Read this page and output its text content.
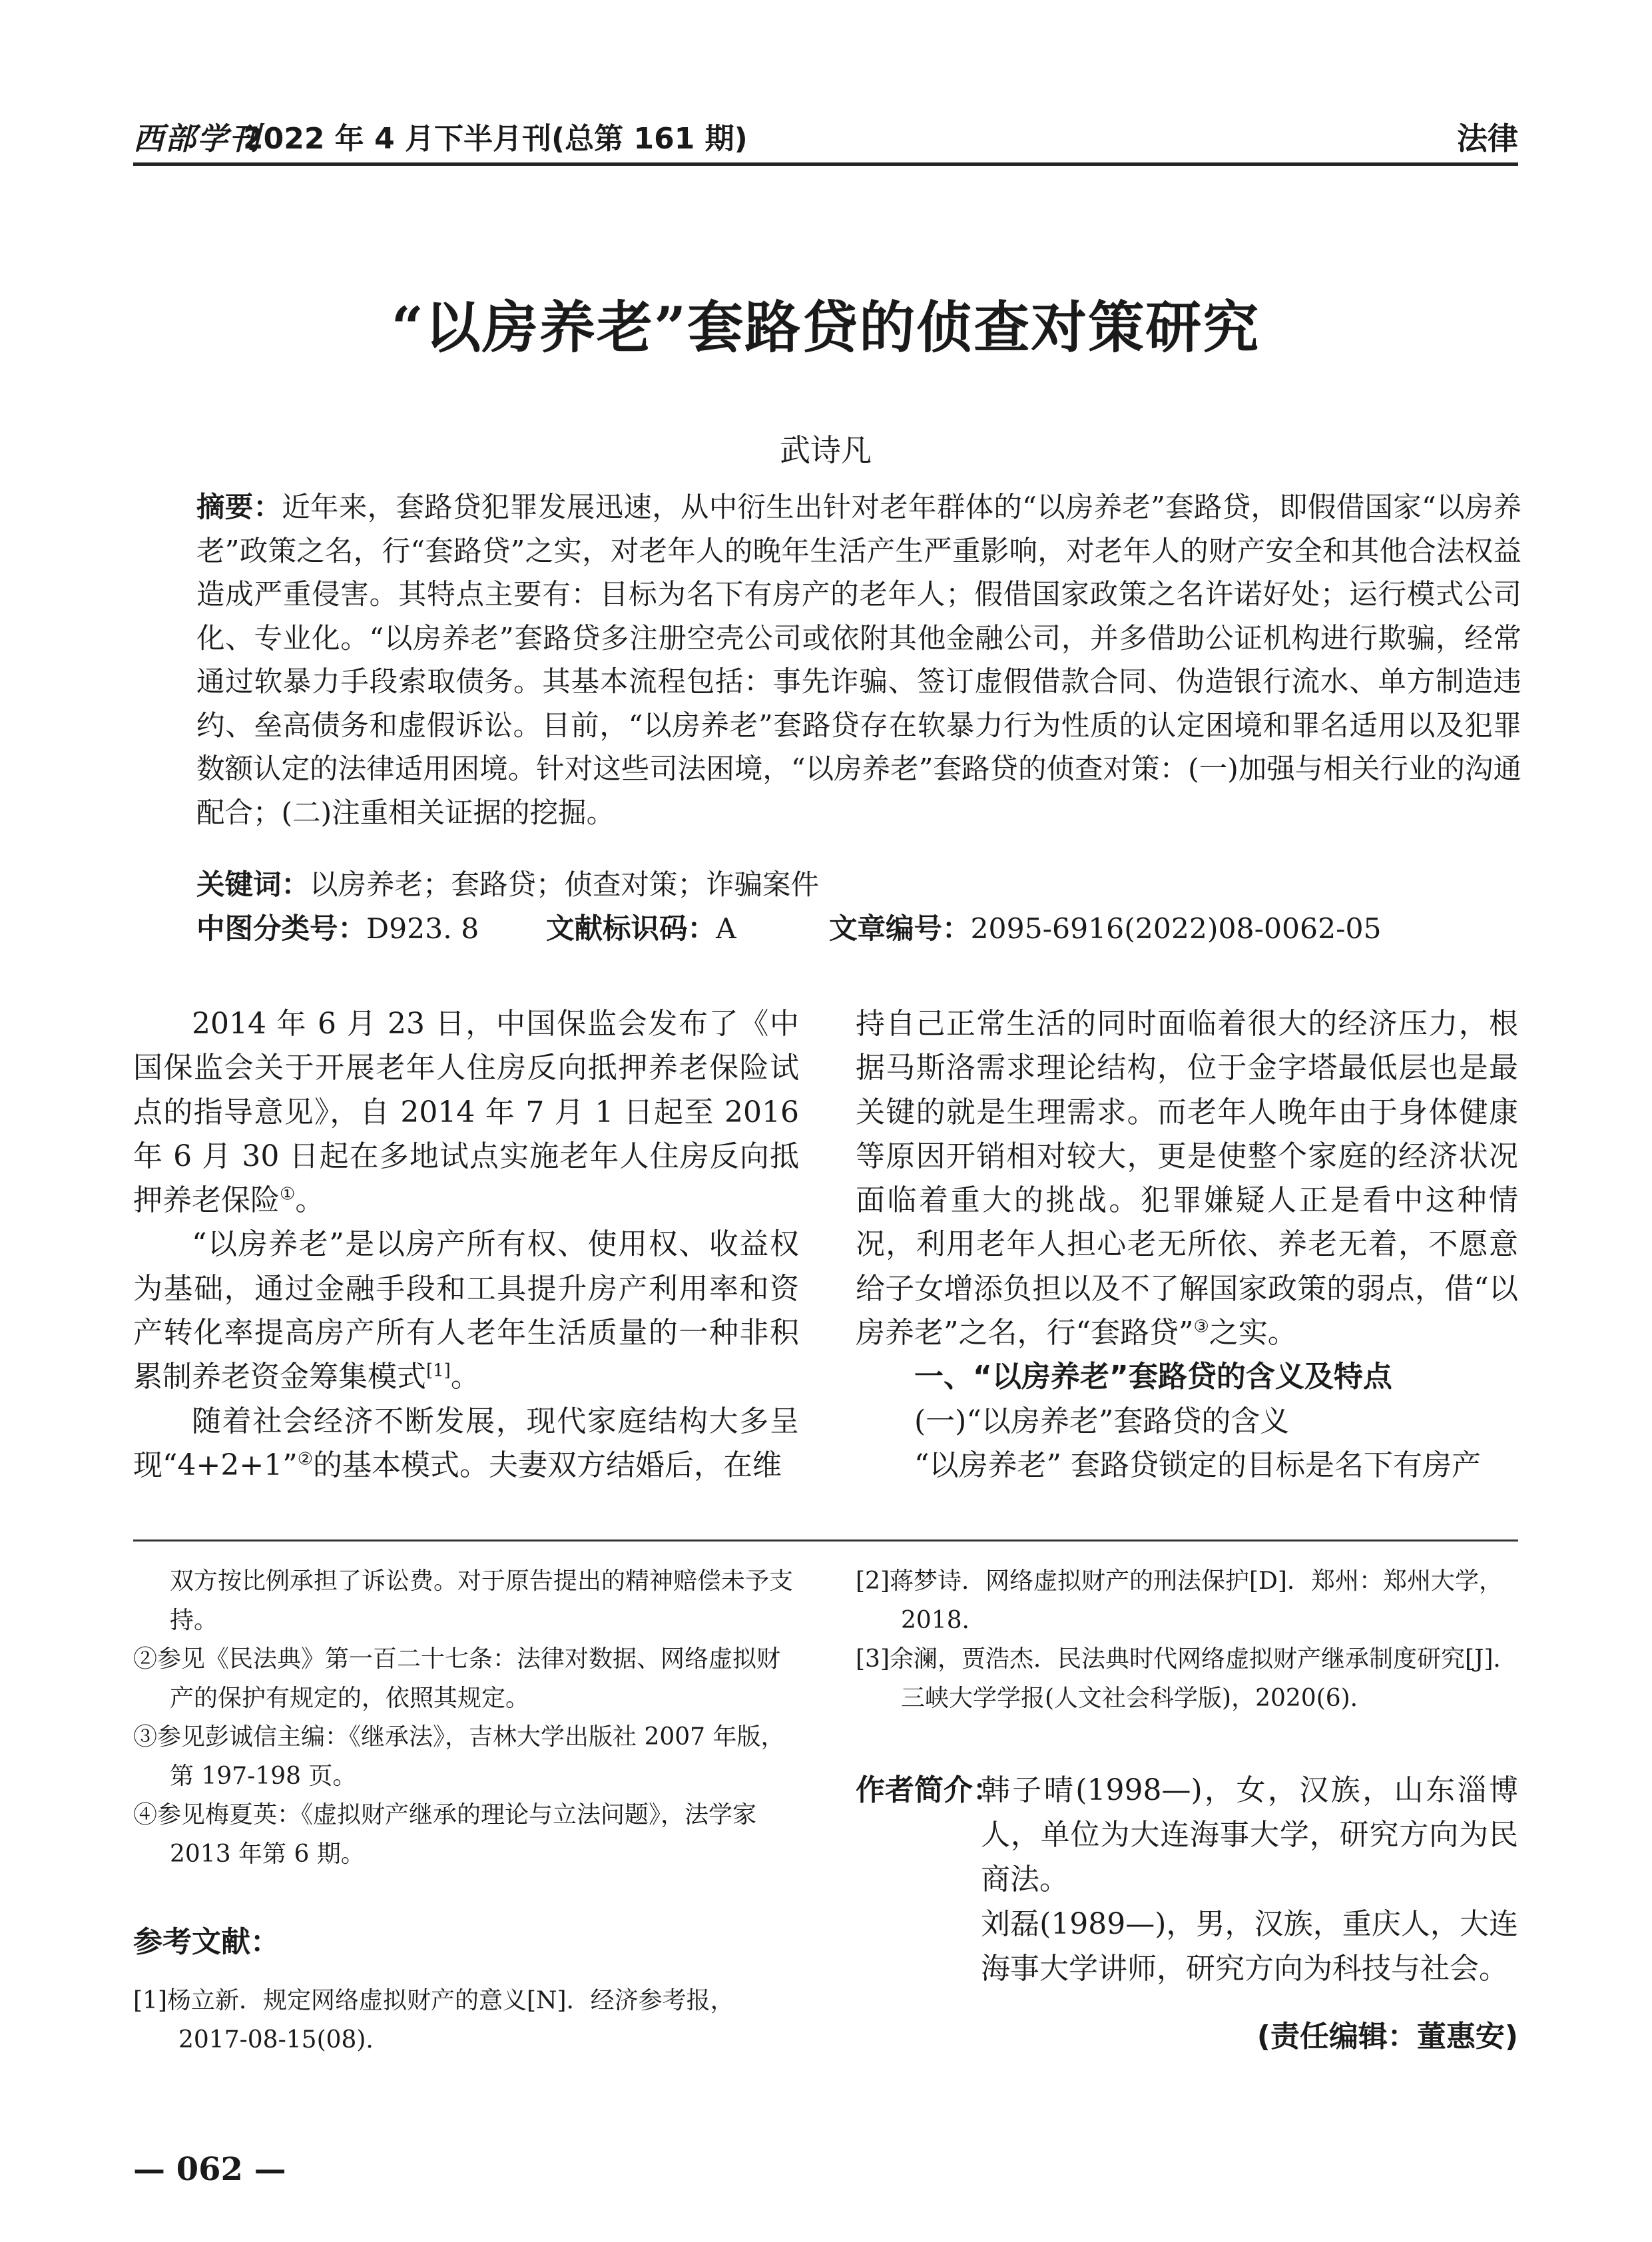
西部学刊
2022 年 4 月下半月刊(总第 161 期)	法律
“以房养老”套路贷的侦查对策研究
武诗凡
摘要：近年来，套路贷犯罪发展迅速，从中衍生出针对老年群体的“以房养老”套路贷，即假借国家“以房养老”政策之名，行“套路贷”之实，对老年人的晚年生活产生严重影响，对老年人的财产安全和其他合法权益造成严重侵害。其特点主要有：目标为名下有房产的老年人；假借国家政策之名许诺好处；运行模式公司化、专业化。“以房养老”套路贷多注册空壳公司或依附其他金融公司，并多借助公证机构进行欺骗，经常通过软暴力手段索取债务。其基本流程包括：事先诈骗、签订虚假借款合同、伪造银行流水、单方制造违约、垒高债务和虚假诉讼。目前，“以房养老”套路贷存在软暴力行为性质的认定困境和罪名适用以及犯罪数额认定的法律适用困境。针对这些司法困境，“以房养老”套路贷的侦查对策：(一)加强与相关行业的沟通配合；(二)注重相关证据的挖掘。
关键词：以房养老；套路贷；侦查对策；诈骗案件
中图分类号：D923. 8 文献标识码：A	文章编号：2095-6916(2022)08-0062-05

2014 年 6 月 23 日，中国保监会发布了《中国保监会关于开展老年人住房反向抵押养老保险试点的指导意见》，自 2014 年 7 月 1 日起至 2016 年 6 月 30 日起在多地试点实施老年人住房反向抵押养老保险①。

“以房养老”是以房产所有权、使用权、收益权为基础，通过金融手段和工具提升房产利用率和资产转化率提高房产所有人老年生活质量的一种非积累制养老资金筹集模式[1]。

随着社会经济不断发展，现代家庭结构大多呈现“4+2+1”②的基本模式。夫妻双方结婚后，在维

持自己正常生活的同时面临着很大的经济压力，根据马斯洛需求理论结构，位于金字塔最低层也是最关键的就是生理需求。而老年人晚年由于身体健康等原因开销相对较大，更是使整个家庭的经济状况面临着重大的挑战。犯罪嫌疑人正是看中这种情况，利用老年人担心老无所依、养老无着，不愿意给子女增添负担以及不了解国家政策的弱点，借“以房养老”之名，行“套路贷”③之实。

一、“以房养老”套路贷的含义及特点
(一)“以房养老”套路贷的含义

“以房养老” 套路贷锁定的目标是名下有房产

双方按比例承担了诉讼费。对于原告提出的精神赔偿未予支持。

②参见《民法典》第一百二十七条：法律对数据、网络虚拟财产的保护有规定的，依照其规定。

③参见彭诚信主编：《继承法》，吉林大学出版社 2007 年版，第 197-198 页。

④参见梅夏英：《虚拟财产继承的理论与立法问题》，法学家 2013 年第 6 期。

参考文献：

[1]杨立新．规定网络虚拟财产的意义[N]．经济参考报，2017-08-15(08)．

[2]蒋梦诗．网络虚拟财产的刑法保护[D]．郑州：郑州大学，2018．

[3]余澜，贾浩杰．民法典时代网络虚拟财产继承制度研究[J]．三峡大学学报(人文社会科学版)，2020(6)．

作者简介：

韩子晴(1998—)，女，汉族，山东淄博人，单位为大连海事大学，研究方向为民商法。

刘磊(1989—)，男，汉族，重庆人，大连海事大学讲师，研究方向为科技与社会。

(责任编辑：董惠安)
— 062 —
